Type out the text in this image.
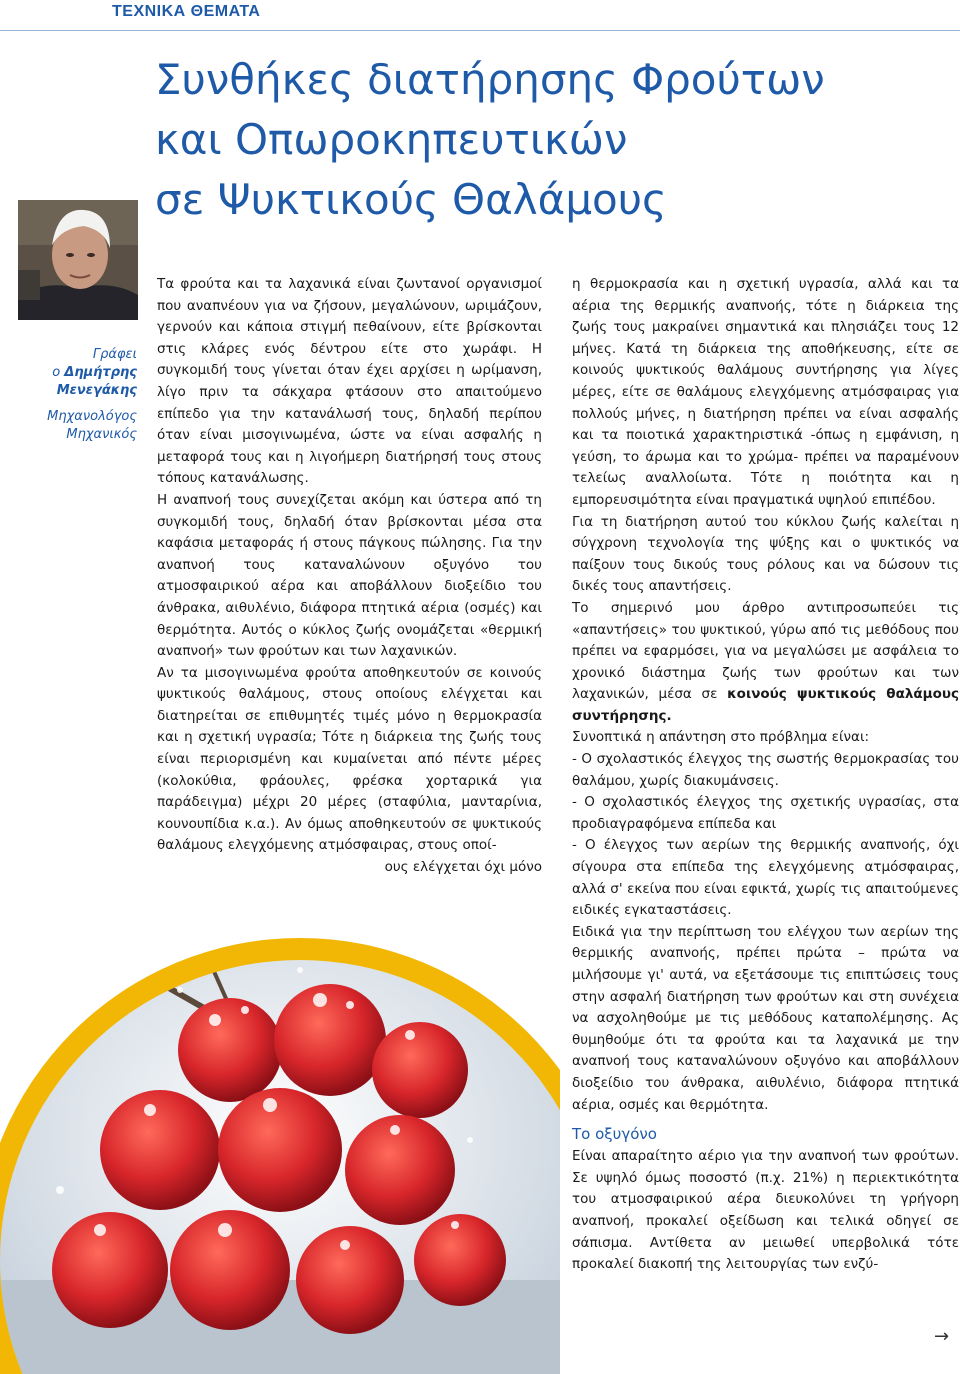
ΤΕΧΝΙΚΑ ΘΕΜΑΤΑ
Συνθήκες διατήρησης Φρούτων
και Οπωροκηπευτικών
σε Ψυκτικούς Θαλάμους
Γράφει
ο Δημήτρης
Μενεγάκης
Μηχανολόγος
Μηχανικός

Τα φρούτα και τα λαχανικά είναι ζωντανοί οργανισμοί που αναπνέουν για να ζήσουν, μεγαλώνουν, ωριμάζουν, γερνούν και κάποια στιγμή πεθαίνουν, είτε βρίσκονται στις κλάρες ενός δέντρου είτε στο χωράφι. Η συγκομιδή τους γίνεται όταν έχει αρχίσει η ωρίμανση, λίγο πριν τα σάκχαρα φτάσουν στο απαιτούμενο επίπεδο για την κατανάλωσή τους, δηλαδή περίπου όταν είναι μισογινωμένα, ώστε να είναι ασφαλής η μεταφορά τους και η λιγοήμερη διατήρησή τους στους τόπους κατανάλωσης.

Η αναπνοή τους συνεχίζεται ακόμη και ύστερα από τη συγκομιδή τους, δηλαδή όταν βρίσκονται μέσα στα καφάσια μεταφοράς ή στους πάγκους πώλησης. Για την αναπνοή τους καταναλώνουν οξυγόνο του ατμοσφαιρικού αέρα και αποβάλλουν διοξείδιο του άνθρακα, αιθυλένιο, διάφορα πτητικά αέρια (οσμές) και θερμότητα. Αυτός ο κύκλος ζωής ονομάζεται «θερμική αναπνοή» των φρούτων και των λαχανικών.

Αν τα μισογινωμένα φρούτα αποθηκευτούν σε κοινούς ψυκτικούς θαλάμους, στους οποίους ελέγχεται και διατηρείται σε επιθυμητές τιμές μόνο η θερμοκρασία και η σχετική υγρασία; Τότε η διάρκεια της ζωής τους είναι περιορισμένη και κυμαίνεται από πέντε μέρες (κολοκύθια, φράουλες, φρέσκα χορταρικά για παράδειγμα) μέχρι 20 μέρες (σταφύλια, μανταρίνια, κουνουπίδια κ.α.). Αν όμως αποθηκευτούν σε ψυκτικούς θαλάμους ελεγχόμενης ατμόσφαιρας, στους οποί-

ους ελέγχεται όχι μόνο

η θερμοκρασία και η σχετική υγρασία, αλλά και τα αέρια της θερμικής αναπνοής, τότε η διάρκεια της ζωής τους μακραίνει σημαντικά και πλησιάζει τους 12 μήνες. Κατά τη διάρκεια της αποθήκευσης, είτε σε κοινούς ψυκτικούς θαλάμους συντήρησης για λίγες μέρες, είτε σε θαλάμους ελεγχόμενης ατμόσφαιρας για πολλούς μήνες, η διατήρηση πρέπει να είναι ασφαλής και τα ποιοτικά χαρακτηριστικά -όπως η εμφάνιση, η γεύση, το άρωμα και το χρώμα- πρέπει να παραμένουν τελείως αναλλοίωτα. Τότε η ποιότητα και η εμπορευσιμότητα είναι πραγματικά υψηλού επιπέδου.

Για τη διατήρηση αυτού του κύκλου ζωής καλείται η σύγχρονη τεχνολογία της ψύξης και ο ψυκτικός να παίξουν τους δικούς τους ρόλους και να δώσουν τις δικές τους απαντήσεις.

Το σημερινό μου άρθρο αντιπροσωπεύει τις «απαντήσεις» του ψυκτικού, γύρω από τις μεθόδους που πρέπει να εφαρμόσει, για να μεγαλώσει με ασφάλεια το χρονικό διάστημα ζωής των φρούτων και των λαχανικών, μέσα σε κοινούς ψυκτικούς θαλάμους συντήρησης.

Συνοπτικά η απάντηση στο πρόβλημα είναι:

- Ο σχολαστικός έλεγχος της σωστής θερμοκρασίας του θαλάμου, χωρίς διακυμάνσεις.

- Ο σχολαστικός έλεγχος της σχετικής υγρασίας, στα προδιαγραφόμενα επίπεδα και

- Ο έλεγχος των αερίων της θερμικής αναπνοής, όχι σίγουρα στα επίπεδα της ελεγχόμενης ατμόσφαιρας, αλλά σ' εκείνα που είναι εφικτά, χωρίς τις απαιτούμενες ειδικές εγκαταστάσεις.

Ειδικά για την περίπτωση του ελέγχου των αερίων της θερμικής αναπνοής, πρέπει πρώτα – πρώτα να μιλήσουμε γι' αυτά, να εξετάσουμε τις επιπτώσεις τους στην ασφαλή διατήρηση των φρούτων και στη συνέχεια να ασχοληθούμε με τις μεθόδους καταπολέμησης. Ας θυμηθούμε ότι τα φρούτα και τα λαχανικά με την αναπνοή τους καταναλώνουν οξυγόνο και αποβάλλουν διοξείδιο του άνθρακα, αιθυλένιο, διάφορα πτητικά αέρια, οσμές και θερμότητα.

Το οξυγόνο

Είναι απαραίτητο αέριο για την αναπνοή των φρούτων. Σε υψηλό όμως ποσοστό (π.χ. 21%) η περιεκτικότητα του ατμοσφαιρικού αέρα διευκολύνει τη γρήγορη αναπνοή, προκαλεί οξείδωση και τελικά οδηγεί σε σάπισμα. Αντίθετα αν μειωθεί υπερβολικά τότε προκαλεί διακοπή της λειτουργίας των ενζύ-

→
